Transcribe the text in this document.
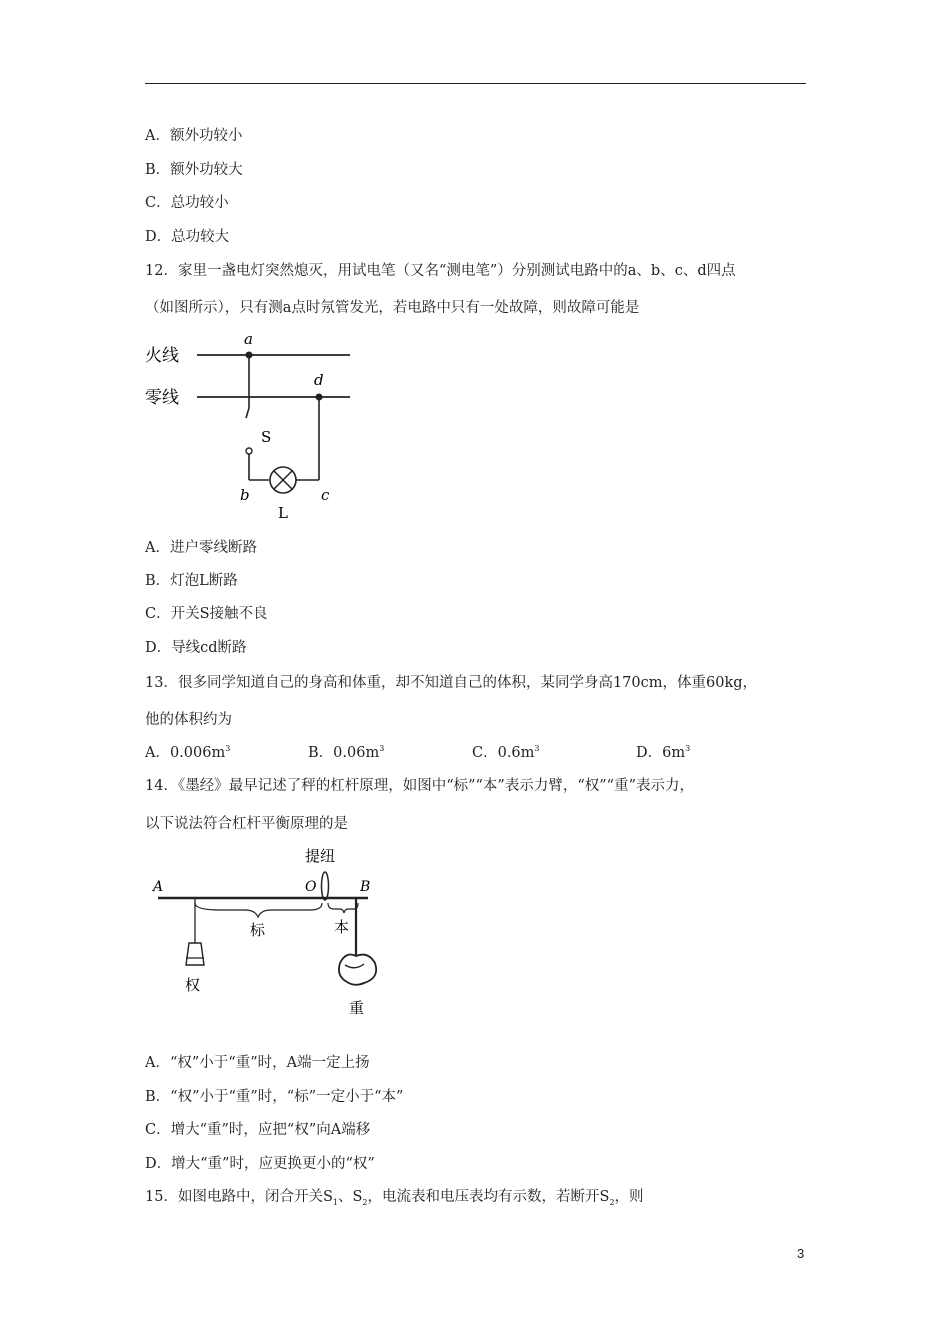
A．额外功较小
B．额外功较大
C．总功较小
D．总功较大
12．家里一盏电灯突然熄灭，用试电笔（又名“测电笔”）分别测试电路中的a、b、c、d四点
（如图所示），只有测a点时氖管发光，若电路中只有一处故障，则故障可能是
火线
零线
a
S
d
b	c
L
A．进户零线断路
B．灯泡L断路
C．开关S接触不良
D．导线cd断路
13．很多同学知道自己的身高和体重，却不知道自己的体积，某同学身高170cm，体重60kg，
他的体积约为
A．$0.006m^3$	B．$0.06m^3$	C．$0.6m^3$	D．$6m^3$
14．《墨经》最早记述了秤的杠杆原理，如图中“标”“本”表示力臂，“权”“重”表示力，
以下说法符合杠杆平衡原理的是
提纽
A	O	B
标	本
权
重
A．“权”小于“重”时，A端一定上扬
B．“权”小于“重”时，“标”一定小于“本”
C．增大“重”时，应把“权”向A端移
D．增大“重”时，应更换更小的“权”
15．如图电路中，闭合开关$S_1$、$S_2$，电流表和电压表均有示数，若断开$S_2$，则
3
